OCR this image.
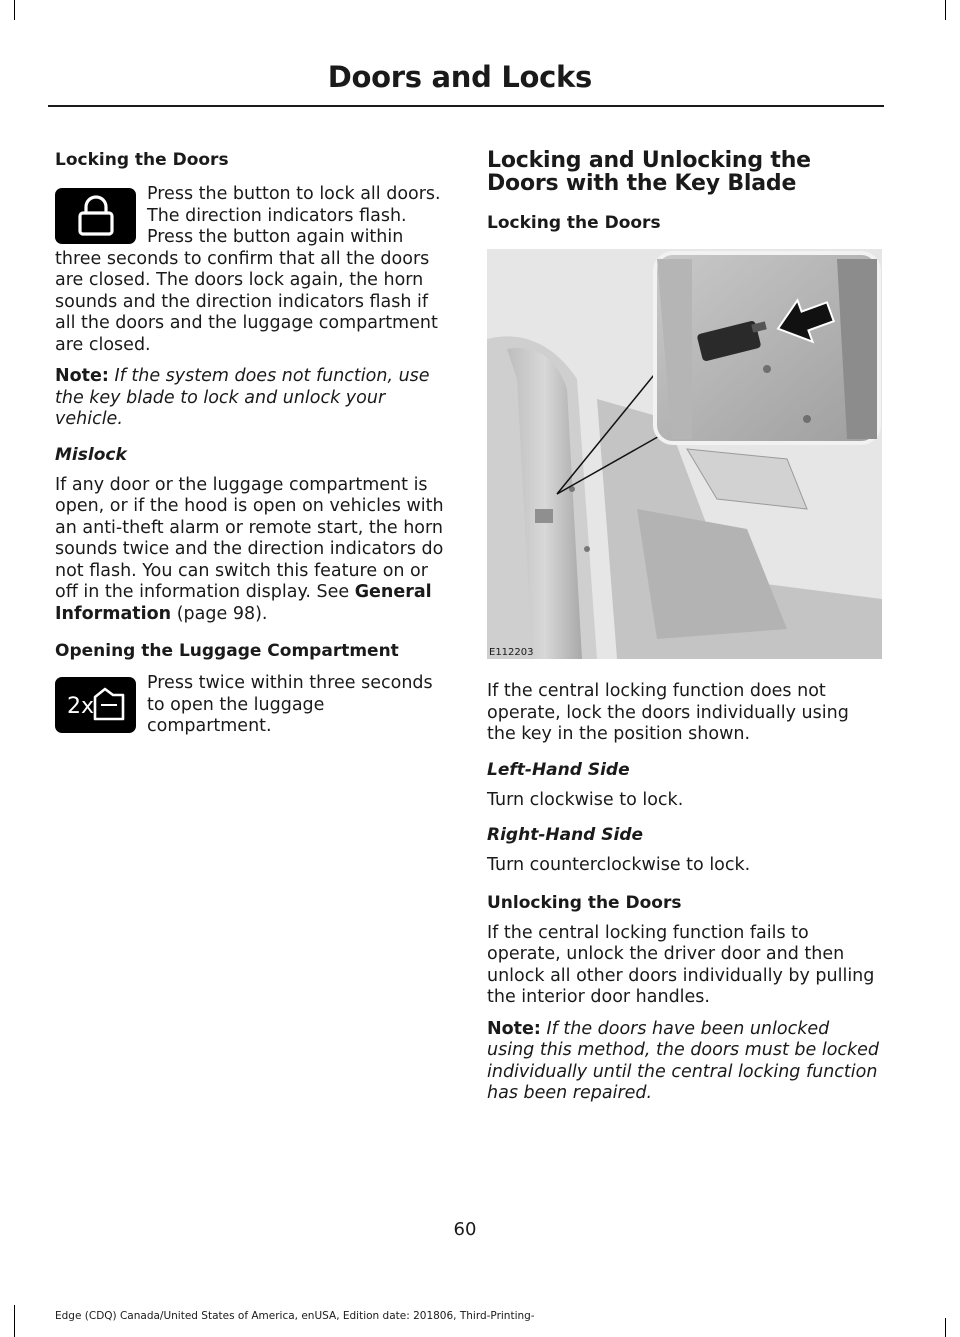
Doors and Locks
Locking the Doors

Press the button to lock all doors. The direction indicators flash. Press the button again within three seconds to confirm that all the doors are closed. The doors lock again, the horn sounds and the direction indicators flash if all the doors and the luggage compartment are closed.

Note: If the system does not function, use the key blade to lock and unlock your vehicle.

Mislock

If any door or the luggage compartment is open, or if the hood is open on vehicles with an anti-theft alarm or remote start, the horn sounds twice and the direction indicators do not flash. You can switch this feature on or off in the information display. See General Information (page 98).

Opening the Luggage Compartment
2x

Press twice within three seconds to open the luggage compartment.

Locking and Unlocking the Doors with the Key Blade
Locking the Doors
E112203

If the central locking function does not operate, lock the doors individually using the key in the position shown.

Left-Hand Side

Turn clockwise to lock.

Right-Hand Side

Turn counterclockwise to lock.

Unlocking the Doors

If the central locking function fails to operate, unlock the driver door and then unlock all other doors individually by pulling the interior door handles.

Note: If the doors have been unlocked using this method, the doors must be locked individually until the central locking function has been repaired.

60
Edge (CDQ) Canada/United States of America, enUSA, Edition date: 201806, Third-Printing-
